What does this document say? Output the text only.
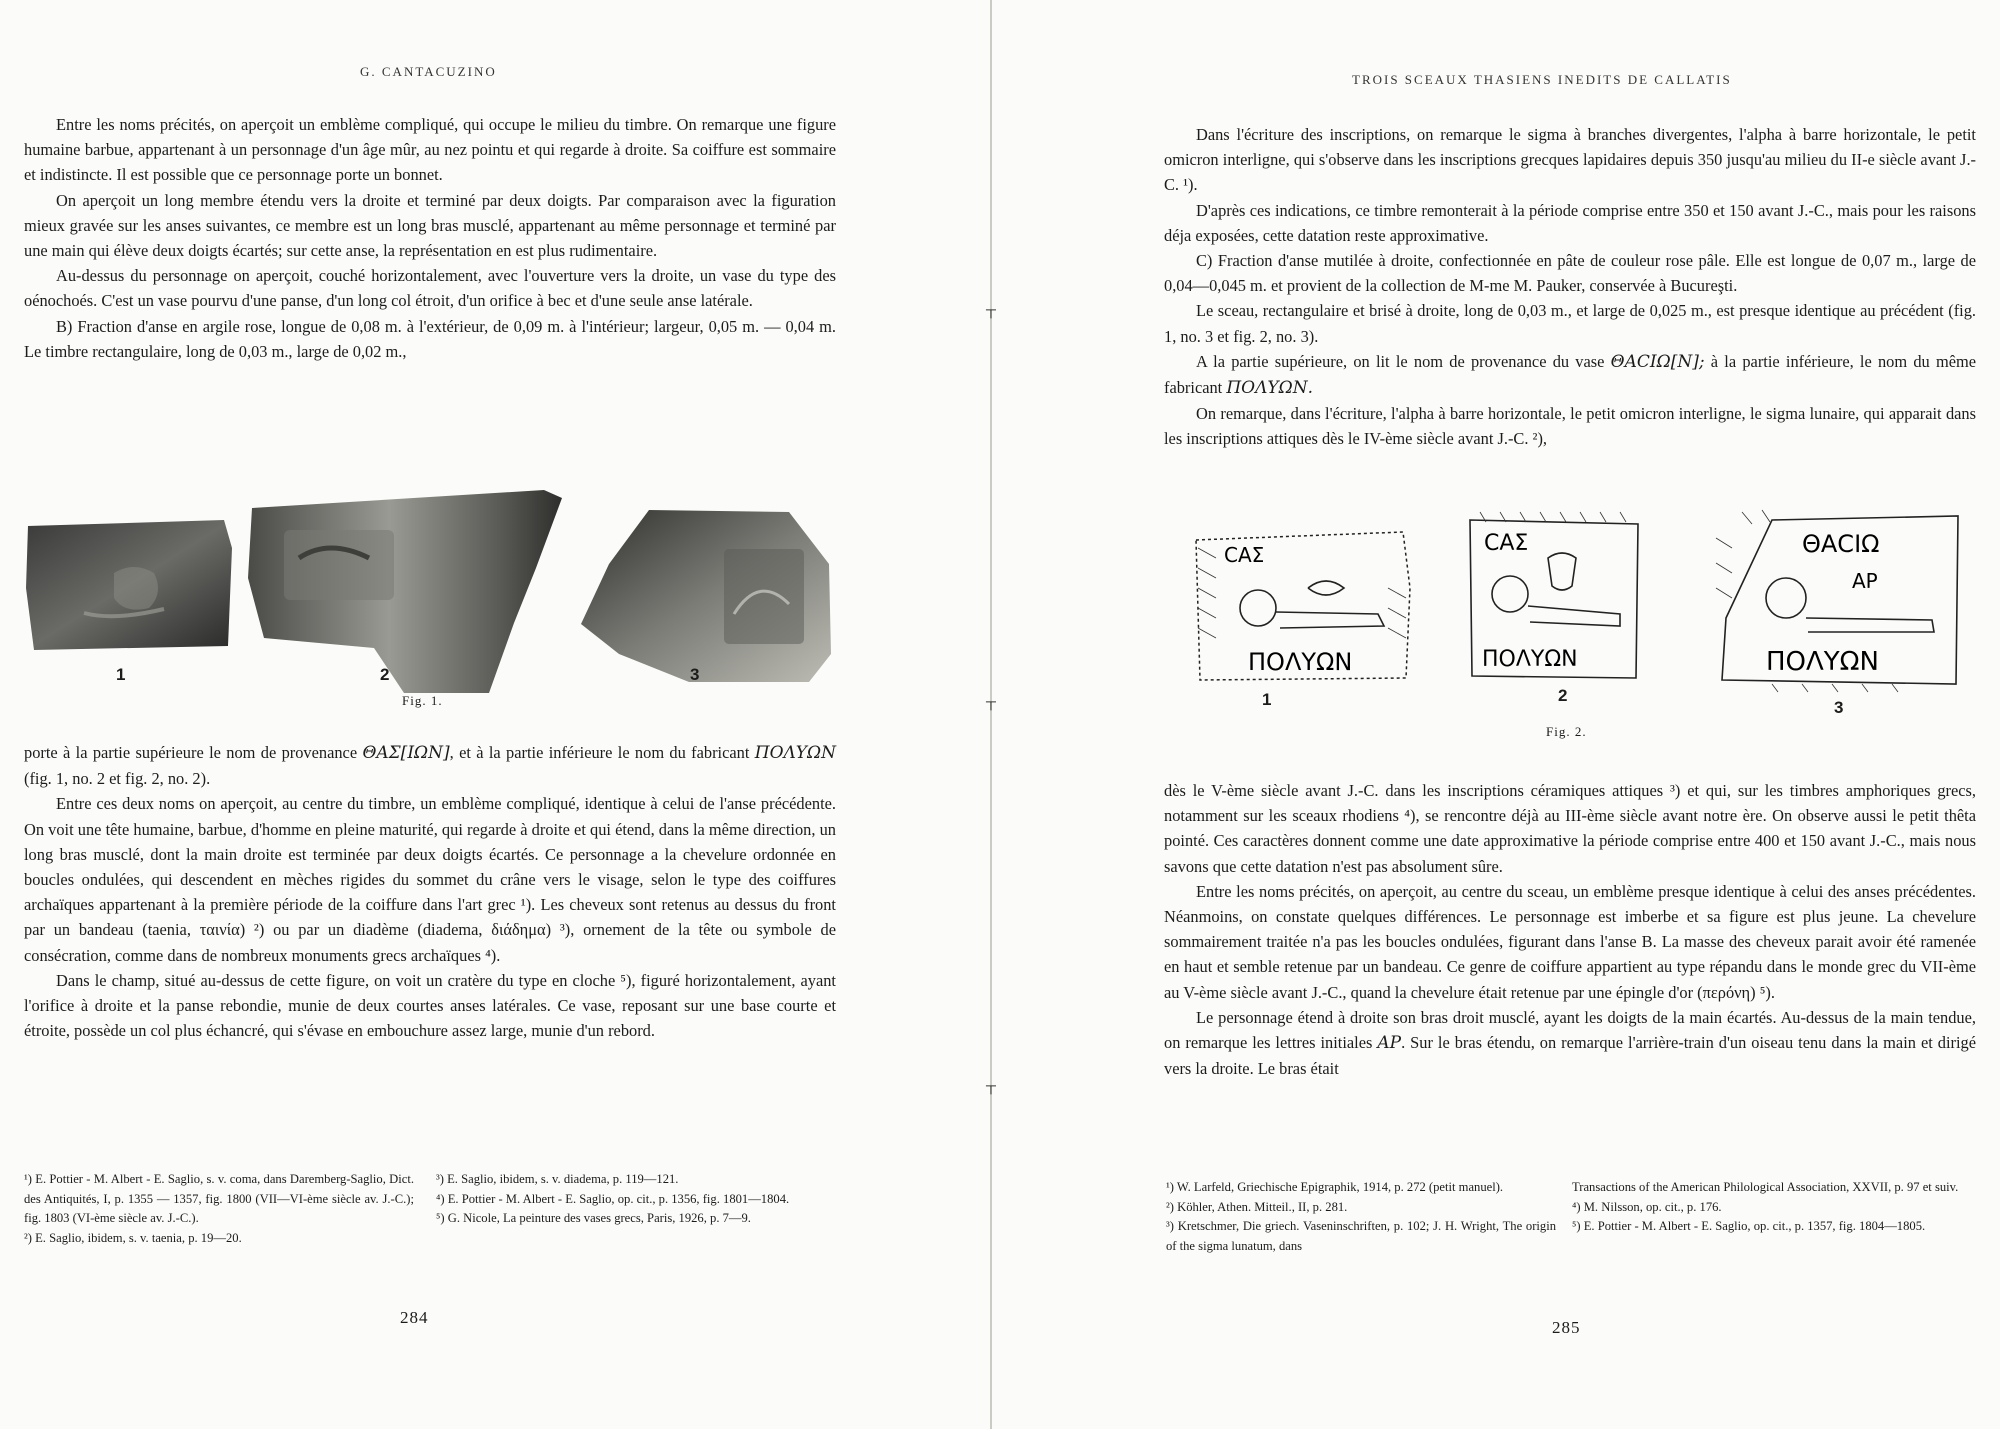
G. CANTACUZINO

Entre les noms précités, on aperçoit un emblème compliqué, qui occupe le milieu du timbre. On remarque une figure humaine barbue, appartenant à un personnage d'un âge mûr, au nez pointu et qui regarde à droite. Sa coiffure est sommaire et indistincte. Il est possible que ce personnage porte un bonnet.

On aperçoit un long membre étendu vers la droite et terminé par deux doigts. Par comparaison avec la figuration mieux gravée sur les anses suivantes, ce membre est un long bras musclé, appartenant au même personnage et terminé par une main qui élève deux doigts écartés; sur cette anse, la représentation en est plus rudimentaire.

Au-dessus du personnage on aperçoit, couché horizontalement, avec l'ouverture vers la droite, un vase du type des oénochoés. C'est un vase pourvu d'une panse, d'un long col étroit, d'un orifice à bec et d'une seule anse latérale.

B) Fraction d'anse en argile rose, longue de 0,08 m. à l'extérieur, de 0,09 m. à l'intérieur; largeur, 0,05 m. — 0,04 m. Le timbre rectangulaire, long de 0,03 m., large de 0,02 m.,

1	2	3
Fig. 1.

porte à la partie supérieure le nom de provenance ΘΑΣ[ΙΩΝ], et à la partie inférieure le nom du fabricant ΠΟΛΥΩΝ (fig. 1, no. 2 et fig. 2, no. 2).

Entre ces deux noms on aperçoit, au centre du timbre, un emblème compliqué, identique à celui de l'anse précédente. On voit une tête humaine, barbue, d'homme en pleine maturité, qui regarde à droite et qui étend, dans la même direction, un long bras musclé, dont la main droite est terminée par deux doigts écartés. Ce personnage a la chevelure ordonnée en boucles ondulées, qui descendent en mèches rigides du sommet du crâne vers le visage, selon le type des coiffures archaïques appartenant à la première période de la coiffure dans l'art grec ¹). Les cheveux sont retenus au dessus du front par un bandeau (taenia, ταινία) ²) ou par un diadème (diadema, διάδημα) ³), ornement de la tête ou symbole de consécration, comme dans de nombreux monuments grecs archaïques ⁴).

Dans le champ, situé au-dessus de cette figure, on voit un cratère du type en cloche ⁵), figuré horizontalement, ayant l'orifice à droite et la panse rebondie, munie de deux courtes anses latérales. Ce vase, reposant sur une base courte et étroite, possède un col plus échancré, qui s'évase en embouchure assez large, munie d'un rebord.

¹) E. Pottier - M. Albert - E. Saglio, s. v. coma, dans Daremberg-Saglio, Dict. des Antiquités, I, p. 1355 — 1357, fig. 1800 (VII—VI-ème siècle av. J.-C.); fig. 1803 (VI-ème siècle av. J.-C.).
²) E. Saglio, ibidem, s. v. taenia, p. 19—20.
³) E. Saglio, ibidem, s. v. diadema, p. 119—121.
⁴) E. Pottier - M. Albert - E. Saglio, op. cit., p. 1356, fig. 1801—1804.
⁵) G. Nicole, La peinture des vases grecs, Paris, 1926, p. 7—9.
284
┬
┬
┬
TROIS SCEAUX THASIENS INEDITS DE CALLATIS

Dans l'écriture des inscriptions, on remarque le sigma à branches divergentes, l'alpha à barre horizontale, le petit omicron interligne, qui s'observe dans les inscriptions grecques lapidaires depuis 350 jusqu'au milieu du II-e siècle avant J.-C. ¹).

D'après ces indications, ce timbre remonterait à la période comprise entre 350 et 150 avant J.-C., mais pour les raisons déja exposées, cette datation reste approximative.

C) Fraction d'anse mutilée à droite, confectionnée en pâte de couleur rose pâle. Elle est longue de 0,07 m., large de 0,04—0,045 m. et provient de la collection de M-me M. Pauker, conservée à Bucureşti.

Le sceau, rectangulaire et brisé à droite, long de 0,03 m., et large de 0,025 m., est presque identique au précédent (fig. 1, no. 3 et fig. 2, no. 3).

A la partie supérieure, on lit le nom de provenance du vase ΘΑCΙΩ[Ν]; à la partie inférieure, le nom du même fabricant ΠΟΛΥΩΝ.

On remarque, dans l'écriture, l'alpha à barre horizontale, le petit omicron interligne, le sigma lunaire, qui apparait dans les inscriptions attiques dès le IV-ème siècle avant J.-C. ²),

CΑΣ
ΠΟΛΥΩΝ
CΑΣ
ΠΟΛΥΩΝ
ΘΑCΙΩ
ΑΡ
ΠΟΛΥΩΝ
1	2
3
Fig. 2.

dès le V-ème siècle avant J.-C. dans les inscriptions céramiques attiques ³) et qui, sur les timbres amphoriques grecs, notamment sur les sceaux rhodiens ⁴), se rencontre déjà au III-ème siècle avant notre ère. On observe aussi le petit thêta pointé. Ces caractères donnent comme une date approximative la période comprise entre 400 et 150 avant J.-C., mais nous savons que cette datation n'est pas absolument sûre.

Entre les noms précités, on aperçoit, au centre du sceau, un emblème presque identique à celui des anses précédentes. Néanmoins, on constate quelques différences. Le personnage est imberbe et sa figure est plus jeune. La chevelure sommairement traitée n'a pas les boucles ondulées, figurant dans l'anse B. La masse des cheveux parait avoir été ramenée en haut et semble retenue par un bandeau. Ce genre de coiffure appartient au type répandu dans le monde grec du VII-ème au V-ème siècle avant J.-C., quand la chevelure était retenue par une épingle d'or (περόνη) ⁵).

Le personnage étend à droite son bras droit musclé, ayant les doigts de la main écartés. Au-dessus de la main tendue, on remarque les lettres initiales ΑΡ. Sur le bras étendu, on remarque l'arrière-train d'un oiseau tenu dans la main et dirigé vers la droite. Le bras était

¹) W. Larfeld, Griechische Epigraphik, 1914, p. 272 (petit manuel).
²) Köhler, Athen. Mitteil., II, p. 281.
³) Kretschmer, Die griech. Vaseninschriften, p. 102; J. H. Wright, The origin of the sigma lunatum, dans
Transactions of the American Philological Association, XXVII, p. 97 et suiv.
⁴) M. Nilsson, op. cit., p. 176.
⁵) E. Pottier - M. Albert - E. Saglio, op. cit., p. 1357, fig. 1804—1805.
285
